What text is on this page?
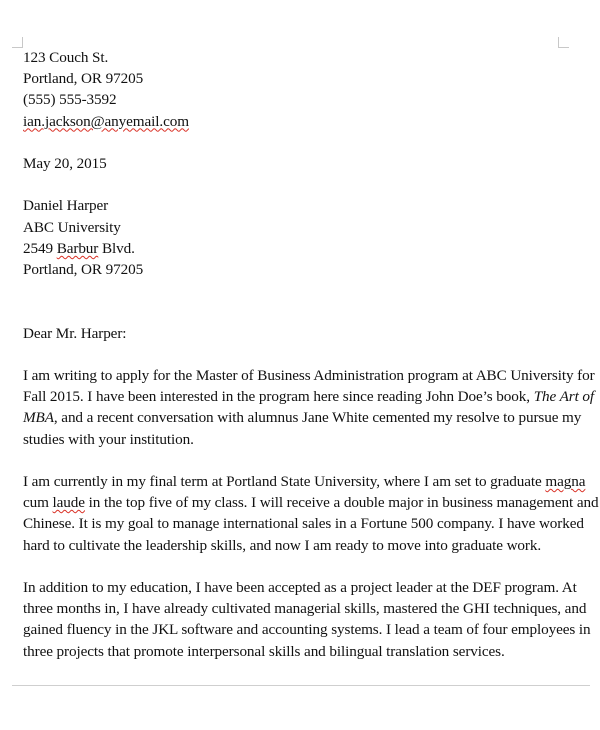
123 Couch St.
Portland, OR 97205
(555) 555-3592
ian.jackson@anyemail.com
May 20, 2015
Daniel Harper
ABC University
2549 Barbur Blvd.
Portland, OR 97205
Dear Mr. Harper:
I am writing to apply for the Master of Business Administration program at ABC University for
Fall 2015. I have been interested in the program here since reading John Doe’s book, The Art of
MBA, and a recent conversation with alumnus Jane White cemented my resolve to pursue my
studies with your institution.
I am currently in my final term at Portland State University, where I am set to graduate magna
cum laude in the top five of my class. I will receive a double major in business management and
Chinese. It is my goal to manage international sales in a Fortune 500 company. I have worked
hard to cultivate the leadership skills, and now I am ready to move into graduate work.
In addition to my education, I have been accepted as a project leader at the DEF program. At
three months in, I have already cultivated managerial skills, mastered the GHI techniques, and
gained fluency in the JKL software and accounting systems. I lead a team of four employees in
three projects that promote interpersonal skills and bilingual translation services.
